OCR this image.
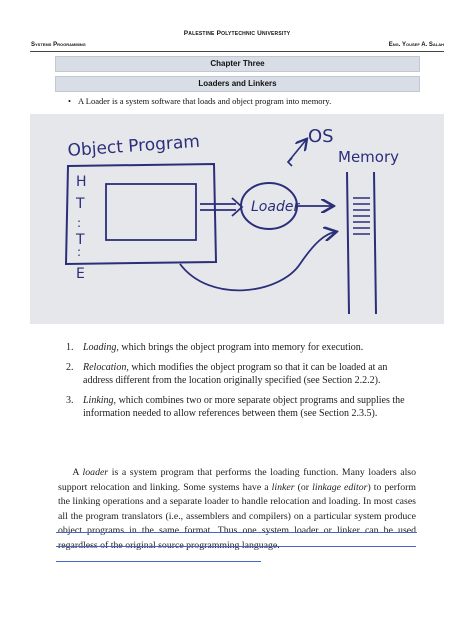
Palestine Polytechnic University
Systems Programming	Eng. Yousef A. Salah
Chapter Three
Loaders and Linkers
• A Loader is a system software that loads and object program into memory.
Object Program
H
T
:
T
:
E
Loader
OS
Memory
1. Loading, which brings the object program into memory for execution.
2. Relocation, which modifies the object program so that it can be loaded at an address different from the location originally specified (see Section 2.2.2).
3. Linking, which combines two or more separate object programs and supplies the information needed to allow references between them (see Section 2.3.5).

A loader is a system program that performs the loading function. Many loaders also support relocation and linking. Some systems have a linker (or linkage editor) to perform the linking operations and a separate loader to handle relocation and loading. In most cases all the program translators (i.e., assemblers and compilers) on a particular system produce object programs in the same format. Thus one system loader or linker can be used regardless of the original source programming language.
